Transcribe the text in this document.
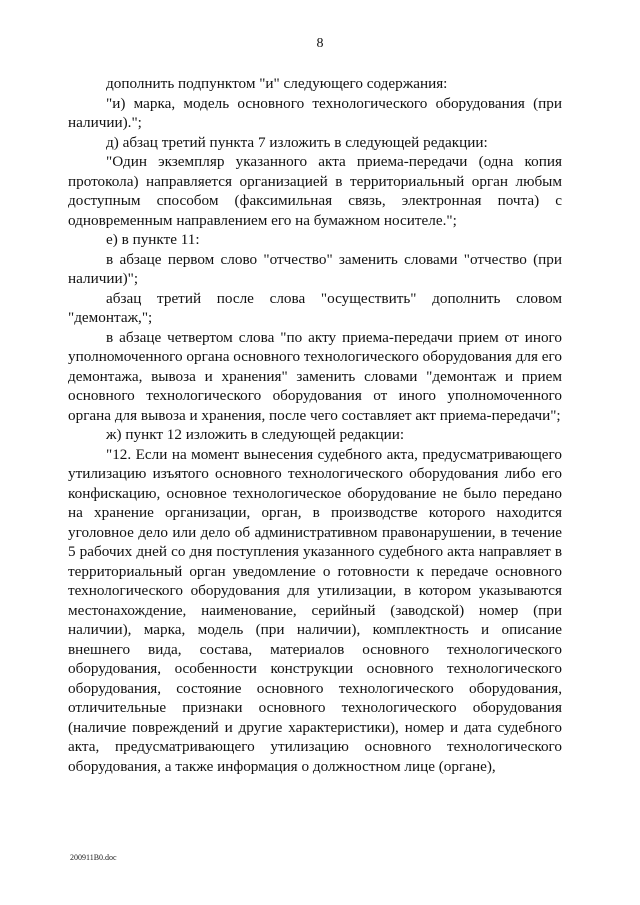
8

дополнить подпунктом "и" следующего содержания:

"и) марка, модель основного технологического оборудования (при наличии).";

д) абзац третий пункта 7 изложить в следующей редакции:

"Один экземпляр указанного акта приема-передачи (одна копия протокола) направляется организацией в территориальный орган любым доступным способом (факсимильная связь, электронная почта) с одновременным направлением его на бумажном носителе.";

е) в пункте 11:

в абзаце первом слово "отчество" заменить словами "отчество (при наличии)";

абзац третий после слова "осуществить" дополнить словом "демонтаж,";

в абзаце четвертом слова "по акту приема-передачи прием от иного уполномоченного органа основного технологического оборудования для его демонтажа, вывоза и хранения" заменить словами "демонтаж и прием основного технологического оборудования от иного уполномоченного органа для вывоза и хранения, после чего составляет акт приема-передачи";

ж) пункт 12 изложить в следующей редакции:

"12. Если на момент вынесения судебного акта, предусматривающего утилизацию изъятого основного технологического оборудования либо его конфискацию, основное технологическое оборудование не было передано на хранение организации, орган, в производстве которого находится уголовное дело или дело об административном правонарушении, в течение 5 рабочих дней со дня поступления указанного судебного акта направляет в территориальный орган уведомление о готовности к передаче основного технологического оборудования для утилизации, в котором указываются местонахождение, наименование, серийный (заводской) номер (при наличии), марка, модель (при наличии), комплектность и описание внешнего вида, состава, материалов основного технологического оборудования, особенности конструкции основного технологического оборудования, состояние основного технологического оборудования, отличительные признаки основного технологического оборудования (наличие повреждений и другие характеристики), номер и дата судебного акта, предусматривающего утилизацию основного технологического оборудования, а также информация о должностном лице (органе),

200911B0.doc
